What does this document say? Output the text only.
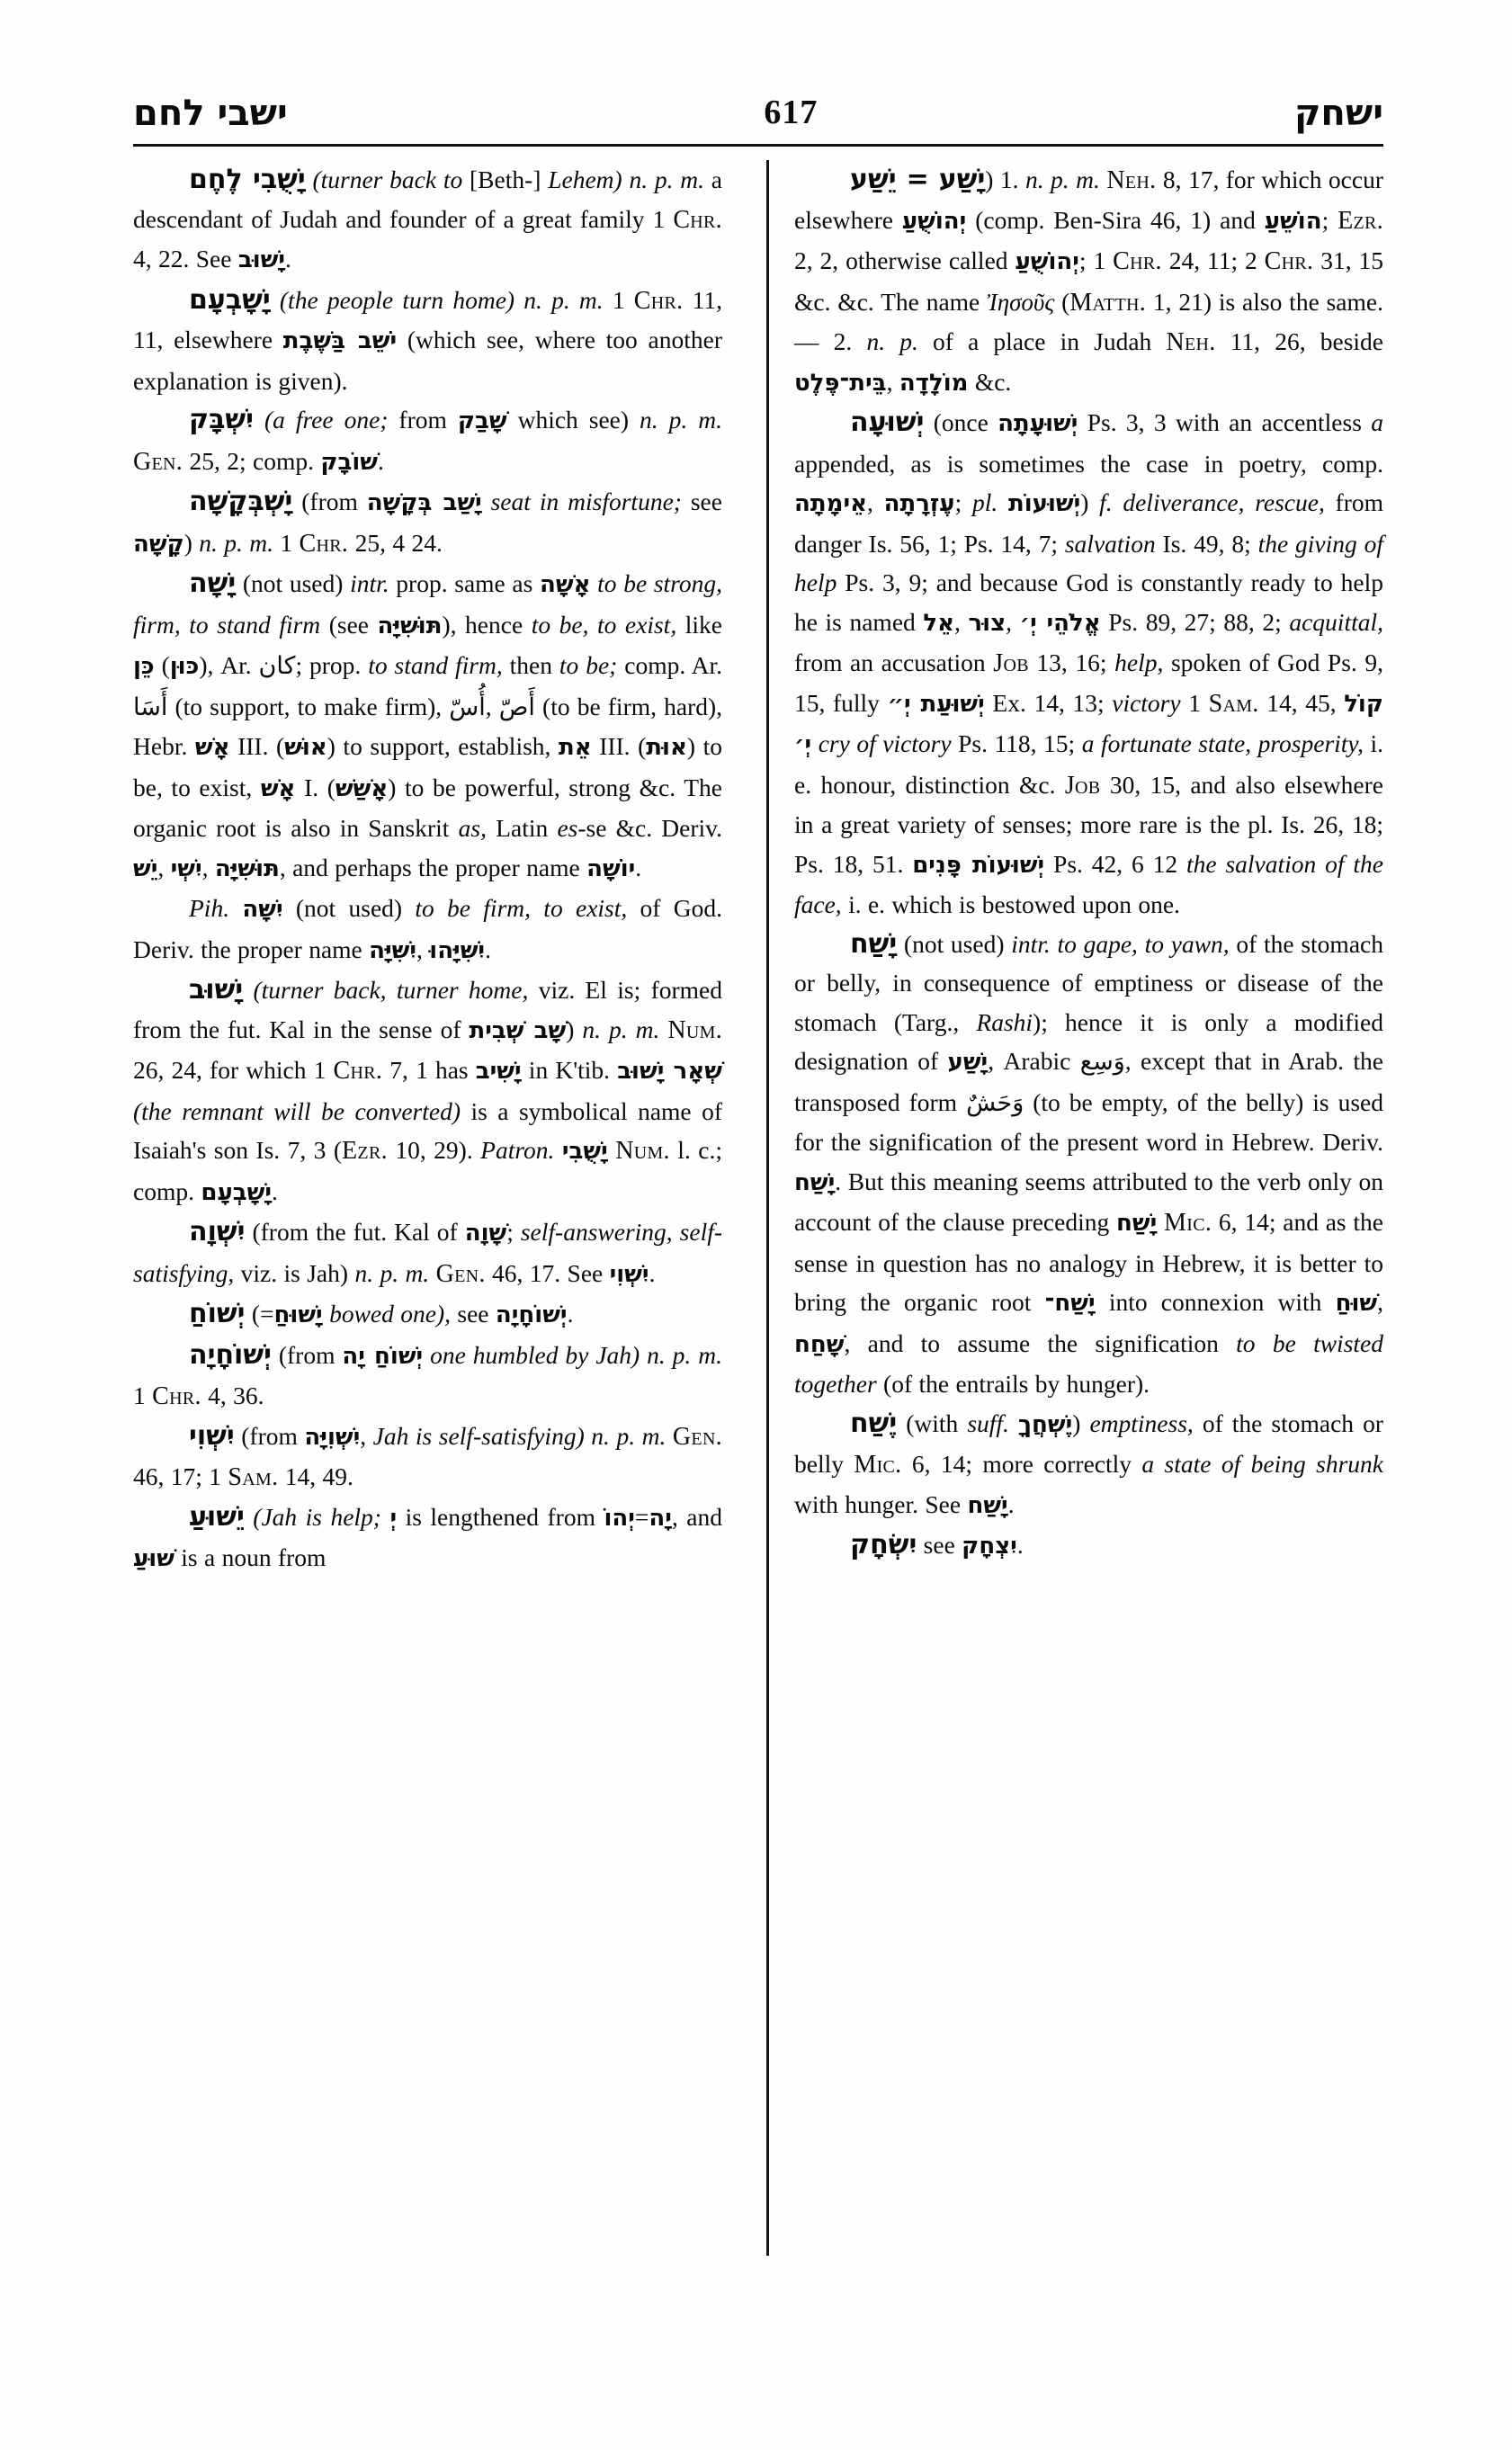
ישבי לחם	617	ישחק

יָשֻׁבִי לֶחֶם (turner back to [Beth-] Lehem) n. p. m. a descendant of Judah and founder of a great family 1 Chr. 4, 22. See יָשׁוּב.

יָשָׁבְעָם (the people turn home) n. p. m. 1 Chr. 11, 11, elsewhere יֹשֵׁב בַּשֶּׁבֶת (which see, where too another explanation is given).

יִשְׁבָּק (a free one; from שָׁבַק which see) n. p. m. Gen. 25, 2; comp. שׁוֹבָק.

יָשְׁבְּקָשָׁה (from יָשַׁב בְּקָשָׁה seat in misfortune; see קָשָׁה) n. p. m. 1 Chr. 25, 4 24.

יָשָׁה (not used) intr. prop. same as אָשָׁה to be strong, firm, to stand firm (see תּוּשִׁיָּה), hence to be, to exist, like כֵּן (כּוּן), Ar. كان; prop. to stand firm, then to be; comp. Ar. أَسَا (to support, to make firm), أُسّ, أَصّ (to be firm, hard), Hebr. אָשׁ III. (אוּשׁ) to support, establish, אֵת III. (אוּת) to be, to exist, אָשׁ I. (אָשַׁשׁ) to be powerful, strong &c. The organic root is also in Sanskrit as, Latin es-se &c. Deriv. יֵשׁ, יִשְׁי, תּוּשִׁיָּה, and perhaps the proper name יוֹשָׁה.

Pih. יִשָּׁה (not used) to be firm, to exist, of God. Deriv. the proper name יִשִּׁיָּה, יִשִּׁיָּהוּ.

יָשׁוּב (turner back, turner home, viz. El is; formed from the fut. Kal in the sense of שָׁב שְׁבִית) n. p. m. Num. 26, 24, for which 1 Chr. 7, 1 has יָשִׁיב in K'tib. שְׁאָר יָשׁוּב (the remnant will be converted) is a symbolical name of Isaiah's son Is. 7, 3 (Ezr. 10, 29). Patron. יָשֻׁבִי Num. l. c.; comp. יָשָׁבְעָם.

יִשְׁוָה (from the fut. Kal of שָׁוָה; self-answering, self-satisfying, viz. is Jah) n. p. m. Gen. 46, 17. See יִשְׁוִי.

יְשׁוֹחַ (=יָשׁוּחַ bowed one), see יְשׁוֹחָיָה.

יְשׁוֹחָיָה (from יְשׁוֹחַ יָה one humbled by Jah) n. p. m. 1 Chr. 4, 36.

יִשְׁוִי (from יִשְׁוִיָּה, Jah is self-satisfying) n. p. m. Gen. 46, 17; 1 Sam. 14, 49.

יֵשׁוּעַ (Jah is help; יְ is lengthened from יְהוֹ=יָה, and שׁוּעַ is a noun from

יָשַׁע = יֵשַׁע) 1. n. p. m. Neh. 8, 17, for which occur elsewhere יְהוֹשֻׁעַ (comp. Ben-Sira 46, 1) and הוֹשֵׁעַ; Ezr. 2, 2, otherwise called יְהוֹשֻׁעַ; 1 Chr. 24, 11; 2 Chr. 31, 15 &c. &c. The name Ἰησοῦς (Matth. 1, 21) is also the same. — 2. n. p. of a place in Judah Neh. 11, 26, beside בֵּית־פֶּלֶט, מוֹלָדָה &c.

יְשׁוּעָה (once יְשׁוּעָתָה Ps. 3, 3 with an accentless a appended, as is sometimes the case in poetry, comp. אֵימָתָה, עֶזְרָתָה; pl. יְשׁוּעוֹת) f. deliverance, rescue, from danger Is. 56, 1; Ps. 14, 7; salvation Is. 49, 8; the giving of help Ps. 3, 9; and because God is constantly ready to help he is named אֵל, צוּר, אֱלֹהֵי יְ׳ Ps. 89, 27; 88, 2; acquittal, from an accusation Job 13, 16; help, spoken of God Ps. 9, 15, fully יְשׁוּעַת יְ״ Ex. 14, 13; victory 1 Sam. 14, 45, קוֹל יְ׳ cry of victory Ps. 118, 15; a fortunate state, prosperity, i. e. honour, distinction &c. Job 30, 15, and also elsewhere in a great variety of senses; more rare is the pl. Is. 26, 18; Ps. 18, 51. יְשׁוּעוֹת פָּנִים Ps. 42, 6 12 the salvation of the face, i. e. which is bestowed upon one.

יָשַׁח (not used) intr. to gape, to yawn, of the stomach or belly, in consequence of emptiness or disease of the stomach (Targ., Rashi); hence it is only a modified designation of יָשַׁע, Arabic وَسِع, except that in Arab. the transposed form وَحَشٌ (to be empty, of the belly) is used for the signification of the present word in Hebrew. Deriv. יָשַׁח. But this meaning seems attributed to the verb only on account of the clause preceding יָשַׁח Mic. 6, 14; and as the sense in question has no analogy in Hebrew, it is better to bring the organic root יָשַׁח־ into connexion with שׁוּחַ, שָׁחַח, and to assume the signification to be twisted together (of the entrails by hunger).

יֶשַׁח (with suff. יֶשְׁחֲךָ) emptiness, of the stomach or belly Mic. 6, 14; more correctly a state of being shrunk with hunger. See יָשַׁח.

יִשְׂחָק see יִצְחָק.
